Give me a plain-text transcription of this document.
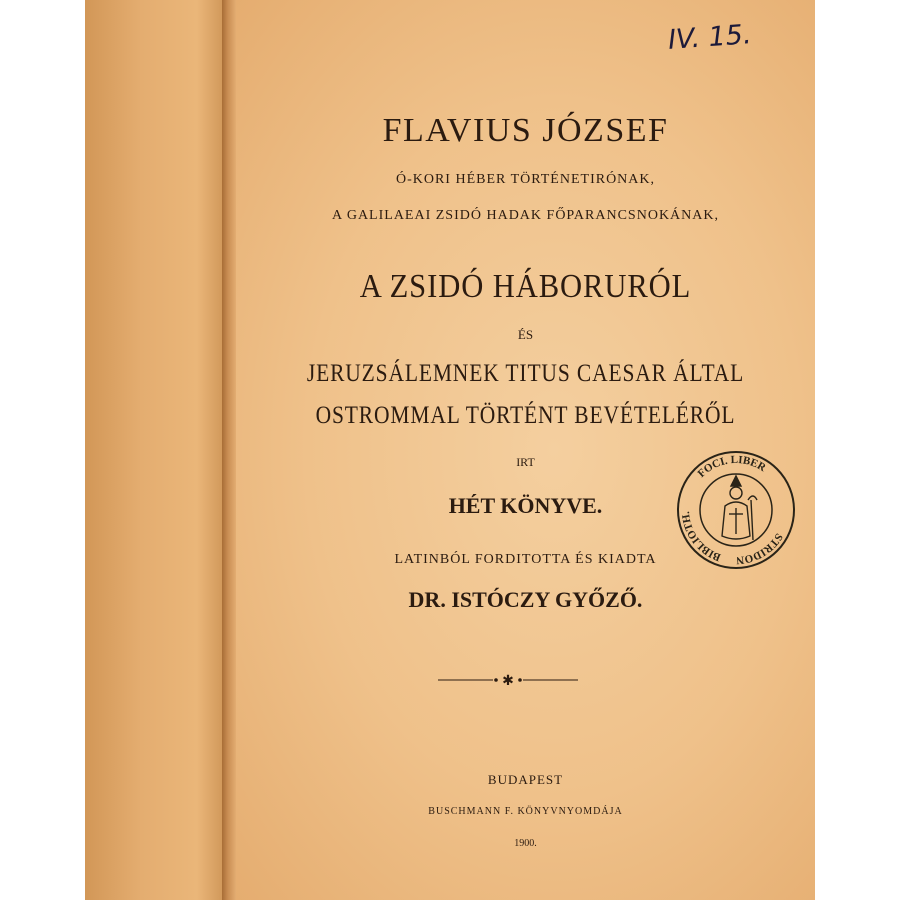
IV. 15.
FLAVIUS JÓZSEF
Ó-KORI HÉBER TÖRTÉNETIRÓNAK,
A GALILAEAI ZSIDÓ HADAK FŐPARANCSNOKÁNAK,
A ZSIDÓ HÁBORURÓL
ÉS
JERUZSÁLEMNEK TITUS CAESAR ÁLTAL
OSTROMMAL TÖRTÉNT BEVÉTELÉRŐL
IRT
HÉT KÖNYVE.
LATINBÓL FORDITOTTA ÉS KIADTA
DR. ISTÓCZY GYŐZŐ.
✱
BUDAPEST
BUSCHMANN F. KÖNYVNYOMDÁJA
1900.
STRIDON
BIBLIOTH.
FOCI. LIBER
